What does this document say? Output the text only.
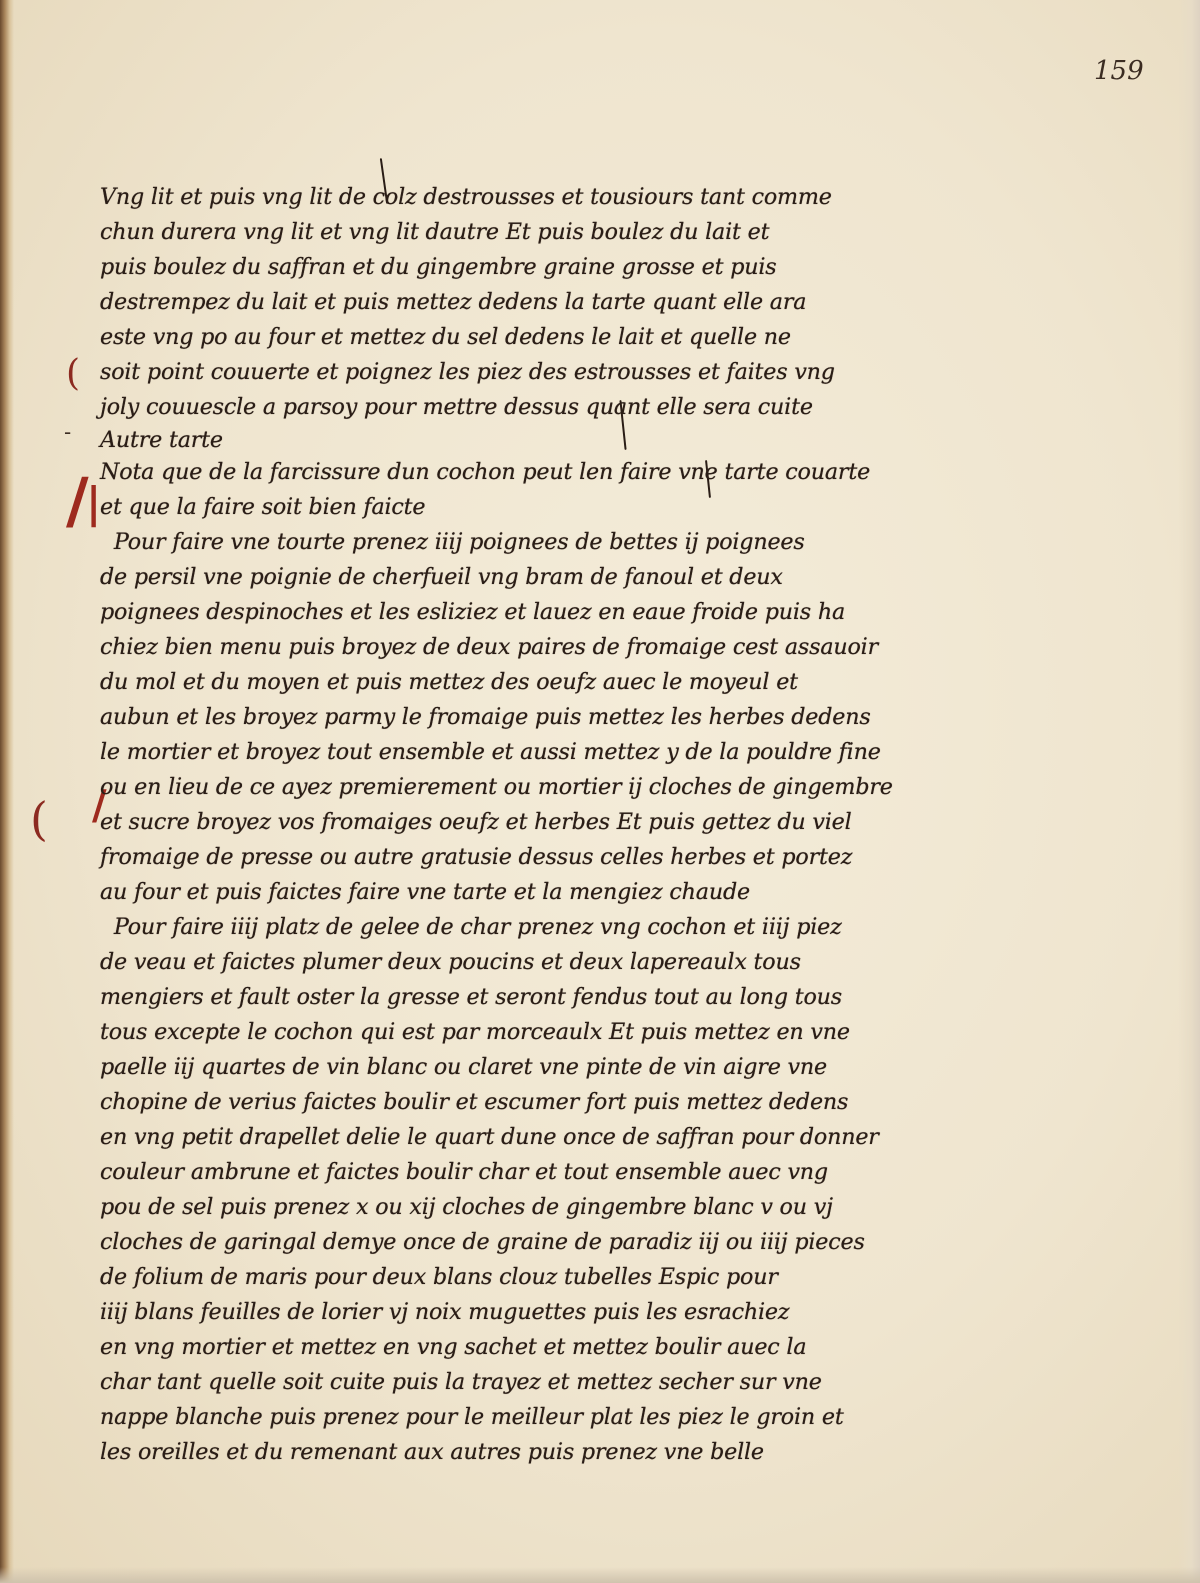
159
/
|
(
( /
-
Vng lit et puis vng lit de colz destrousses et tousiours tant comme
chun durera vng lit et vng lit dautre Et puis boulez du lait et
puis boulez du saffran et du gingembre graine grosse et puis
destrempez du lait et puis mettez dedens la tarte quant elle ara
este vng po au four et mettez du sel dedens le lait et quelle ne
soit point couuerte et poignez les piez des estrousses et faites vng
joly couuescle a parsoy pour mettre dessus quant elle sera cuite
Autre tarte
Nota que de la farcissure dun cochon peut len faire vne tarte couarte
et que la faire soit bien faicte
Pour faire vne tourte prenez iiij poignees de bettes ij poignees
de persil vne poignie de cherfueil vng bram de fanoul et deux
poignees despinoches et les esliziez et lauez en eaue froide puis ha
chiez bien menu puis broyez de deux paires de fromaige cest assauoir
du mol et du moyen et puis mettez des oeufz auec le moyeul et
aubun et les broyez parmy le fromaige puis mettez les herbes dedens
le mortier et broyez tout ensemble et aussi mettez y de la pouldre fine
ou en lieu de ce ayez premierement ou mortier ij cloches de gingembre
et sucre broyez vos fromaiges oeufz et herbes Et puis gettez du viel
fromaige de presse ou autre gratusie dessus celles herbes et portez
au four et puis faictes faire vne tarte et la mengiez chaude
Pour faire iiij platz de gelee de char prenez vng cochon et iiij piez
de veau et faictes plumer deux poucins et deux lapereaulx tous
mengiers et fault oster la gresse et seront fendus tout au long tous
tous excepte le cochon qui est par morceaulx Et puis mettez en vne
paelle iij quartes de vin blanc ou claret vne pinte de vin aigre vne
chopine de verius faictes boulir et escumer fort puis mettez dedens
en vng petit drapellet delie le quart dune once de saffran pour donner
couleur ambrune et faictes boulir char et tout ensemble auec vng
pou de sel puis prenez x ou xij cloches de gingembre blanc v ou vj
cloches de garingal demye once de graine de paradiz iij ou iiij pieces
de folium de maris pour deux blans clouz tubelles Espic pour
iiij blans feuilles de lorier vj noix muguettes puis les esrachiez
en vng mortier et mettez en vng sachet et mettez boulir auec la
char tant quelle soit cuite puis la trayez et mettez secher sur vne
nappe blanche puis prenez pour le meilleur plat les piez le groin et
les oreilles et du remenant aux autres puis prenez vne belle
